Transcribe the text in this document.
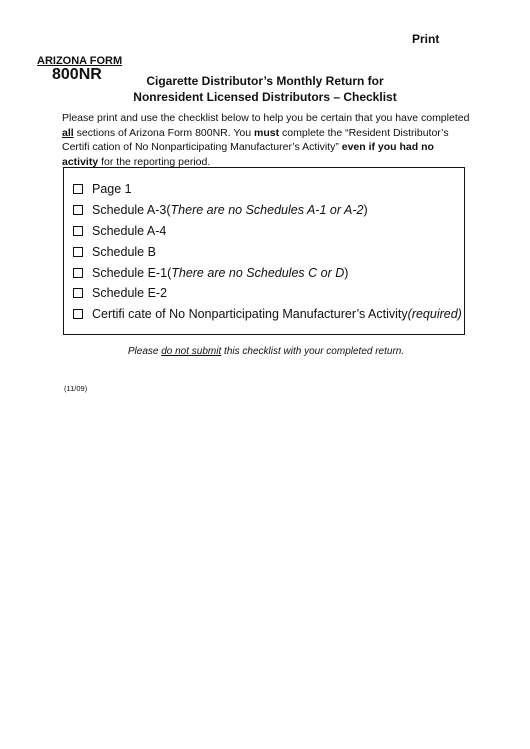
Print
ARIZONA FORM
800NR	Cigarette Distributor’s Monthly Return for
Nonresident Licensed Distributors – Checklist
Please print and use the checklist below to help you be certain that you have completed all sections of Arizona Form 800NR. You must complete the “Resident Distributor’s Certifi cation of No Nonparticipating Manufacturer’s Activity” even if you had no activity for the reporting period.
Page 1
Schedule A-3 ( There are no Schedules A-1 or A-2 )
Schedule A-4
Schedule B
Schedule E-1 ( There are no Schedules C or D )
Schedule E-2
Certifi cate of No Nonparticipating Manufacturer’s Activity (required)
Please do not submit this checklist with your completed return.
(11/09)
